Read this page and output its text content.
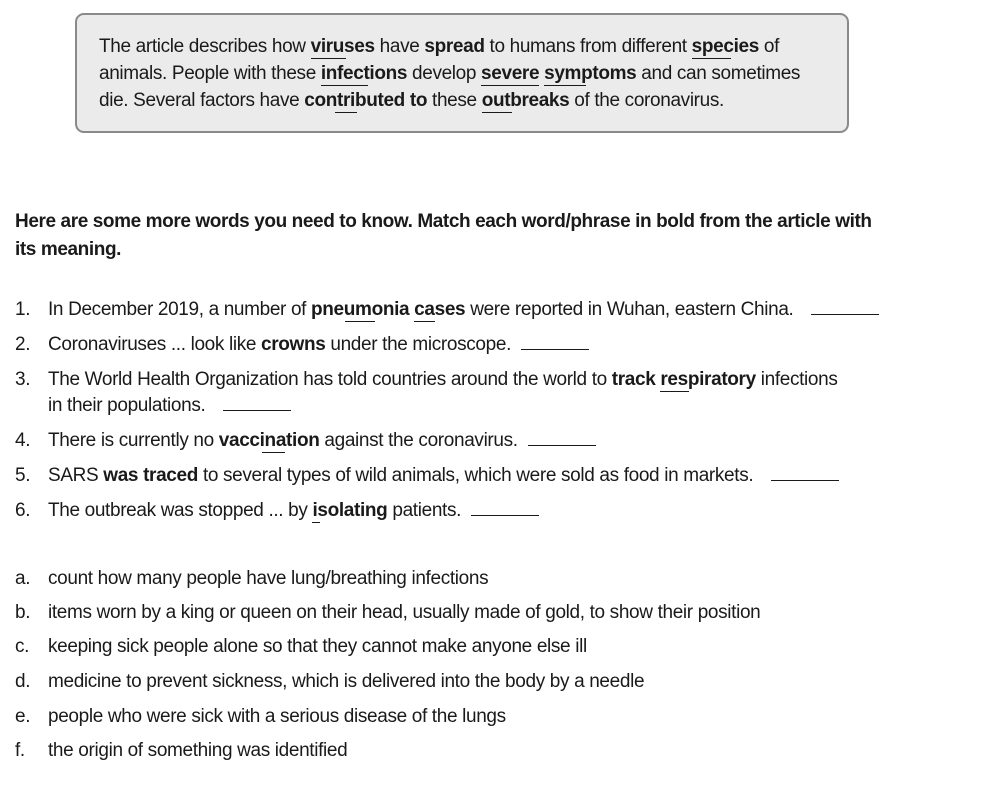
The article describes how viruses have spread to humans from different species of
animals. People with these infections develop severe symptoms and can sometimes
die. Several factors have contributed to these outbreaks of the coronavirus.
Here are some more words you need to know. Match each word/phrase in bold from the article with
its meaning.
1. In December 2019, a number of pneumonia cases were reported in Wuhan, eastern China.
2. Coronaviruses ... look like crowns under the microscope.
3. The World Health Organization has told countries around the world to track respiratory infections
in their populations.
4. There is currently no vaccination against the coronavirus.
5. SARS was traced to several types of wild animals, which were sold as food in markets.
6. The outbreak was stopped ... by isolating patients.
a. count how many people have lung/breathing infections
b. items worn by a king or queen on their head, usually made of gold, to show their position
c. keeping sick people alone so that they cannot make anyone else ill
d. medicine to prevent sickness, which is delivered into the body by a needle
e. people who were sick with a serious disease of the lungs
f. the origin of something was identified
